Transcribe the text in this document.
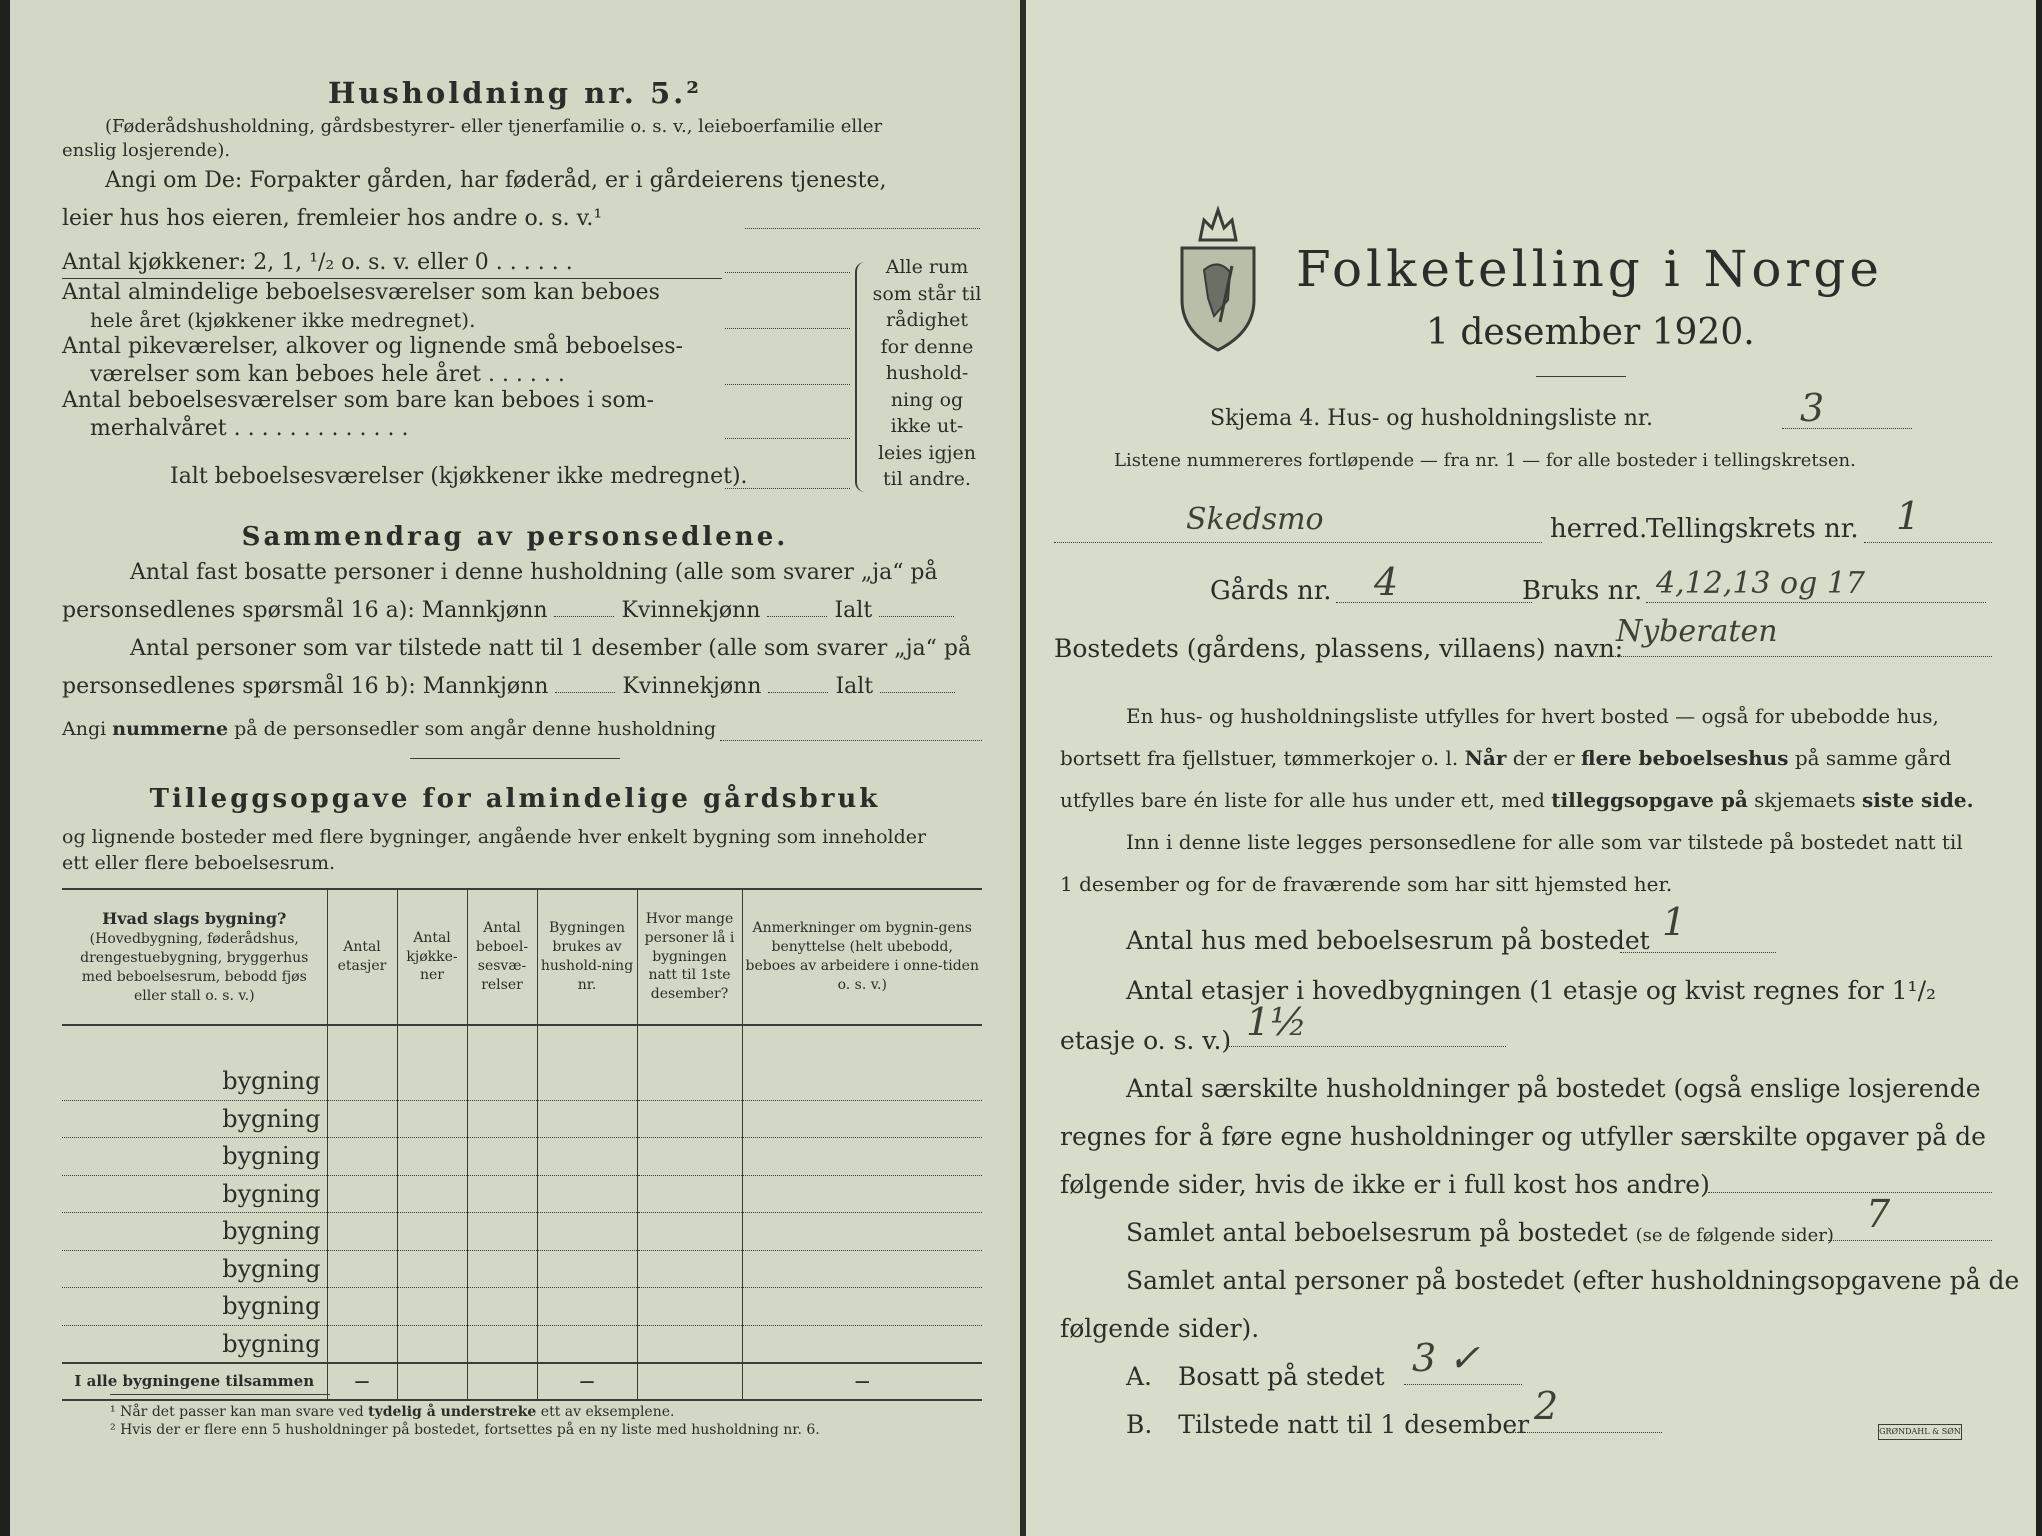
Husholdning nr. 5.²
(Føderådshusholdning, gårdsbestyrer- eller tjenerfamilie o. s. v., leieboerfamilie eller
enslig losjerende).
Angi om De: Forpakter gården, har føderåd, er i gårdeierens tjeneste,
leier hus hos eieren, fremleier hos andre o. s. v.¹
Antal kjøkkener: 2, 1, ¹/₂ o. s. v. eller 0 . . . . . .
Antal almindelige beboelsesværelser som kan beboes
hele året (kjøkkener ikke medregnet).
Antal pikeværelser, alkover og lignende små beboelses-
værelser som kan beboes hele året . . . . . .
Antal beboelsesværelser som bare kan beboes i som-
merhalvåret . . . . . . . . . . . . .
Ialt beboelsesværelser (kjøkkener ikke medregnet).
Alle rum
som står til
rådighet
for denne
hushold-
ning og
ikke ut-
leies igjen
til andre.
Sammendrag av personsedlene.
Antal fast bosatte personer i denne husholdning (alle som svarer „ja“ på
personsedlenes spørsmål 16 a): Mannkjønn	Kvinnekjønn	Ialt
Antal personer som var tilstede natt til 1 desember (alle som svarer „ja“ på
personsedlenes spørsmål 16 b): Mannkjønn	Kvinnekjønn	Ialt
Angi nummerne på de personsedler som angår denne husholdning
Tilleggsopgave for almindelige gårdsbruk
og lignende bosteder med flere bygninger, angående hver enkelt bygning som inneholder
ett eller flere beboelsesrum.
Hvad slags bygning?
(Hovedbygning, føderådshus, drengestuebygning, bryggerhus med beboelsesrum, bebodd fjøs eller stall o. s. v.)	Antal etasjer	Antal kjøkke-ner	Antal beboel-sesvæ-relser	Bygningen brukes av hushold-ning nr.	Hvor mange personer lå i bygningen natt til 1ste desember?	Anmerkninger om bygnin-gens benyttelse (helt ubebodd, beboes av arbeidere i onne-tiden o. s. v.)

bygning						
bygning						
bygning						
bygning						
bygning						
bygning						
bygning						
bygning						
I alle bygningene tilsammen	—			—		—
¹ Når det passer kan man svare ved tydelig å understreke ett av eksemplene.
² Hvis der er flere enn 5 husholdninger på bostedet, fortsettes på en ny liste med husholdning nr. 6.
Folketelling i Norge
1 desember 1920.
Skjema 4. Hus- og husholdningsliste nr.	3
Listene nummereres fortløpende — fra nr. 1 — for alle bosteder i tellingskretsen.
Skedsmo	herred.
Tellingskrets nr. 1
Gårds nr. 4	Bruks nr. 4,12,13 og 17
Bostedets (gårdens, plassens, villaens) navn:
Nyberaten
En hus- og husholdningsliste utfylles for hvert bosted — også for ubebodde hus,
bortsett fra fjellstuer, tømmerkojer o. l. Når der er flere beboelseshus på samme gård
utfylles bare én liste for alle hus under ett, med tilleggsopgave på skjemaets siste side.
Inn i denne liste legges personsedlene for alle som var tilstede på bostedet natt til
1 desember og for de fraværende som har sitt hjemsted her.
Antal hus med beboelsesrum på bostedet 1
Antal etasjer i hovedbygningen (1 etasje og kvist regnes for 1¹/₂
etasje o. s. v.) 1½
Antal særskilte husholdninger på bostedet (også enslige losjerende
regnes for å føre egne husholdninger og utfyller særskilte opgaver på de
følgende sider, hvis de ikke er i full kost hos andre)
Samlet antal beboelsesrum på bostedet (se de følgende sider) 7
Samlet antal personer på bostedet (efter husholdningsopgavene på de
følgende sider).
A. Bosatt på stedet 3 ✓
B. Tilstede natt til 1 desember 2
GRØNDAHL & SØN
